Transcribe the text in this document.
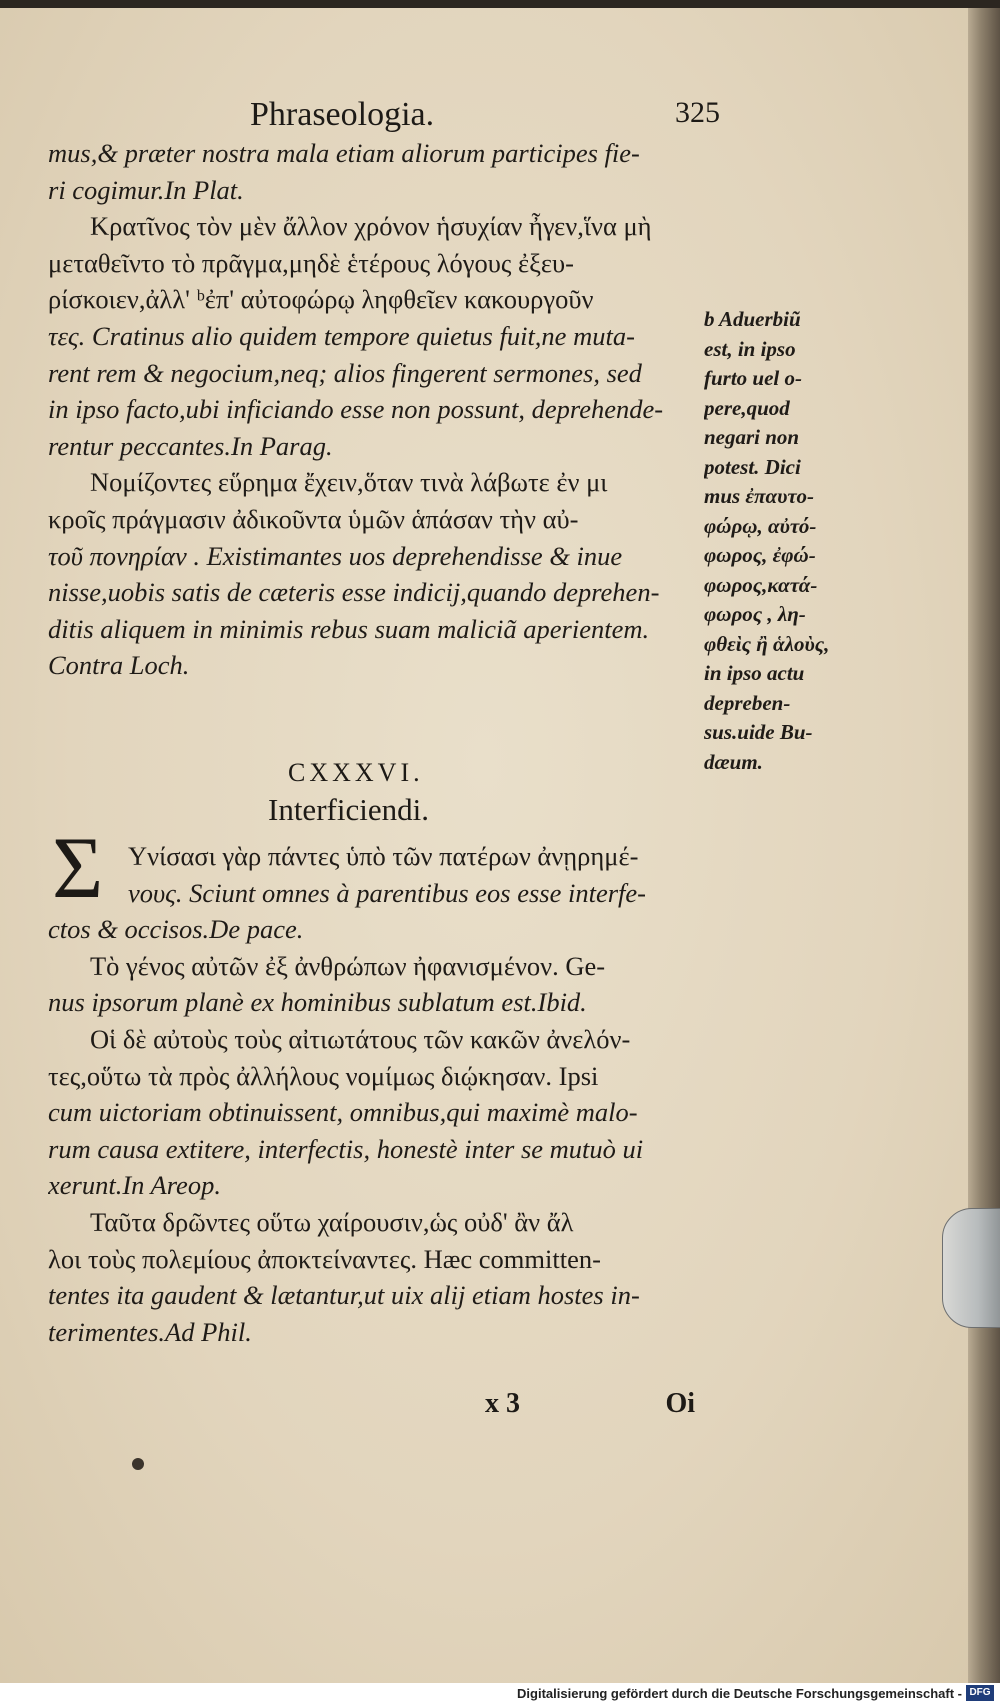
Phraseologia.	325
mus,& præter nostra mala etiam aliorum participes fie-
ri cogimur.In Plat.
Κρατῖνος τὸν μὲν ἄλλον χρόνον ἡσυχίαν ἦγεν,ἵνα μὴ
μεταθεῖντο τὸ πρᾶγμα,μηδὲ ἑτέρους λόγους ἐξευ-
ρίσκοιεν,ἀλλ' ᵇἐπ' αὐτοφώρῳ ληφθεῖεν κακουργοῦν
τες. Cratinus alio quidem tempore quietus fuit,ne muta-
rent rem & negocium,neq; alios fingerent sermones, sed
in ipso facto,ubi inficiando esse non possunt, deprehende-
rentur peccantes.In Parag.
Νομίζοντες εὕρημα ἔχειν,ὅταν τινὰ λάβωτε ἐν μι
κροῖς πράγμασιν ἀδικοῦντα ὑμῶν ἁπάσαν τὴν αὐ-
τοῦ πονηρίαν . Existimantes uos deprehendisse & inue
nisse,uobis satis de cæteris esse indicij,quando deprehen-
ditis aliquem in minimis rebus suam maliciã aperientem.
Contra Loch.
CXXXVI.
Interficiendi.
Σ Υνίσασι γὰρ πάντες ὑπὸ τῶν πατέρων ἀνῃρημέ-
νους. Sciunt omnes à parentibus eos esse interfe-
ctos & occisos.De pace.
Τὸ γένος αὐτῶν ἐξ ἀνθρώπων ἠφανισμένον. Ge-
nus ipsorum planè ex hominibus sublatum est.Ibid.
Οἱ δὲ αὐτοὺς τοὺς αἰτιωτάτους τῶν κακῶν ἀνελόν-
τες,οὕτω τὰ πρὸς ἀλλήλους νομίμως διῴκησαν. Ipsi
cum uictoriam obtinuissent, omnibus,qui maximè malo-
rum causa extitere, interfectis, honestè inter se mutuò ui
xerunt.In Areop.
Ταῦτα δρῶντες οὕτω χαίρουσιν,ὡς οὐδ' ἂν ἄλ
λοι τοὺς πολεμίους ἀποκτείναντες. Hæc committen-
tentes ita gaudent & lætantur,ut uix alij etiam hostes in-
terimentes.Ad Phil.
b Aduerbiũ
est, in ipso
furto uel o-
pere,quod
negari non
potest. Dici
mus ἐπαυτο-
φώρῳ, αὐτό-
φωρος, ἐφώ-
φωρος,κατά-
φωρος , λη-
φθεὶς ἢ ἁλοὺς,
in ipso actu
depreben-
sus.uide Bu-
dæum.
x 3	Oi
Digitalisierung gefördert durch die Deutsche Forschungsgemeinschaft - DFG
